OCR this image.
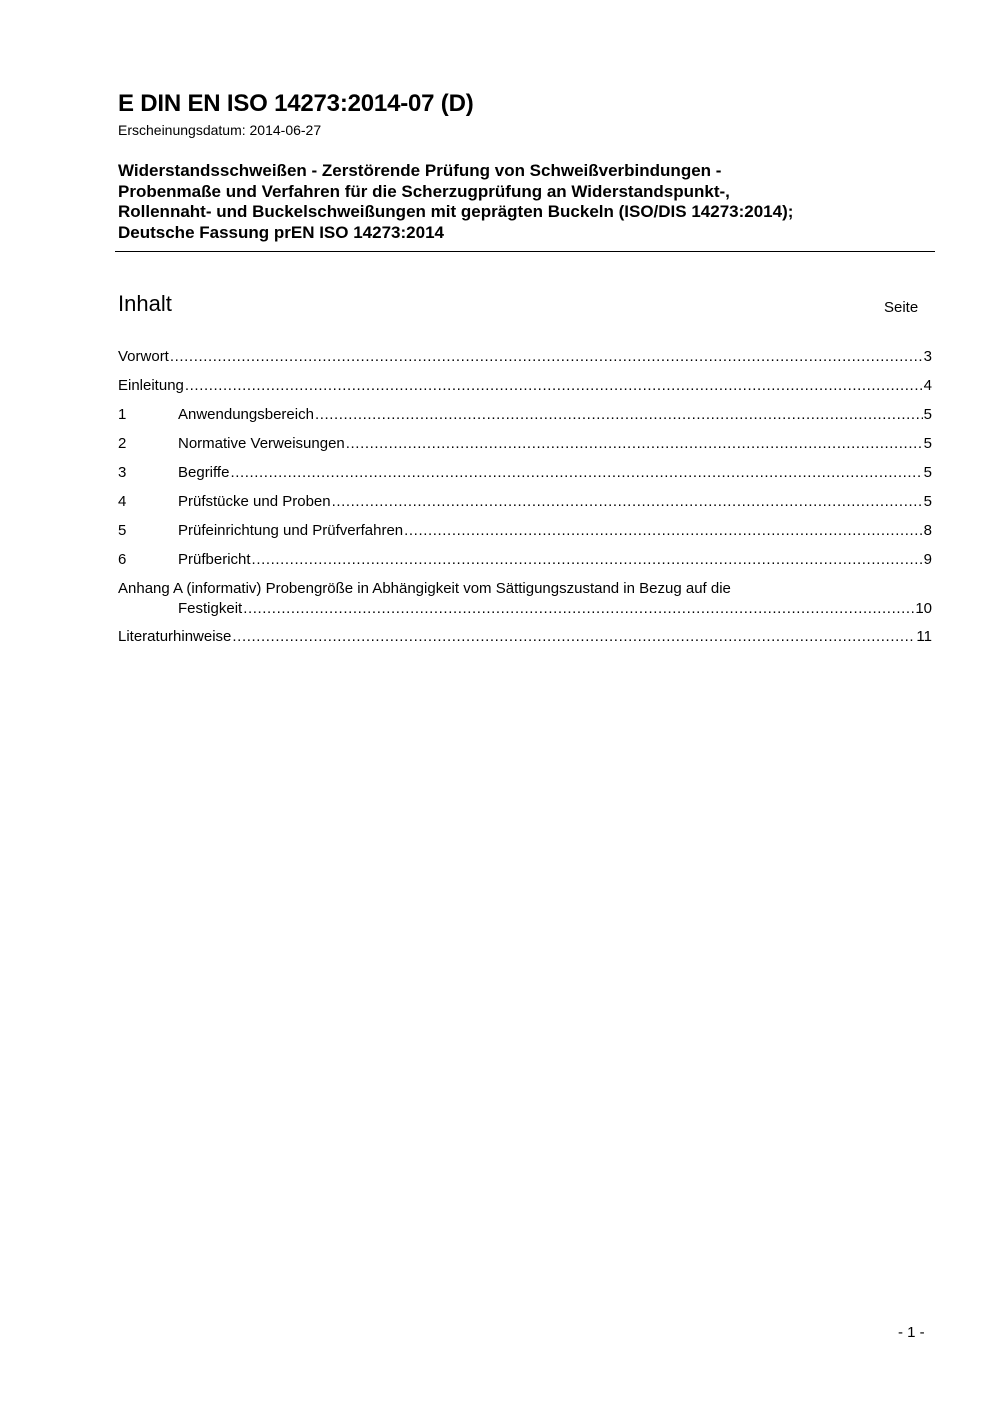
E DIN EN ISO 14273:2014-07 (D)
Erscheinungsdatum: 2014-06-27
Widerstandsschweißen - Zerstörende Prüfung von Schweißverbindungen -
Probenmaße und Verfahren für die Scherzugprüfung an Widerstandspunkt-,
Rollennaht- und Buckelschweißungen mit geprägten Buckeln (ISO/DIS 14273:2014);
Deutsche Fassung prEN ISO 14273:2014
Inhalt	Seite
Vorwort .....	3
Einleitung .....	4
1	Anwendungsbereich .....	5
2	Normative Verweisungen .....	5
3	Begriffe .....	5
4	Prüfstücke und Proben .....	5
5	Prüfeinrichtung und Prüfverfahren .....	8
6	Prüfbericht .....	9
Anhang A (informativ) Probengröße in Abhängigkeit vom Sättigungszustand in Bezug auf die
Festigkeit .....	10
Literaturhinweise .....	11
- 1 -
